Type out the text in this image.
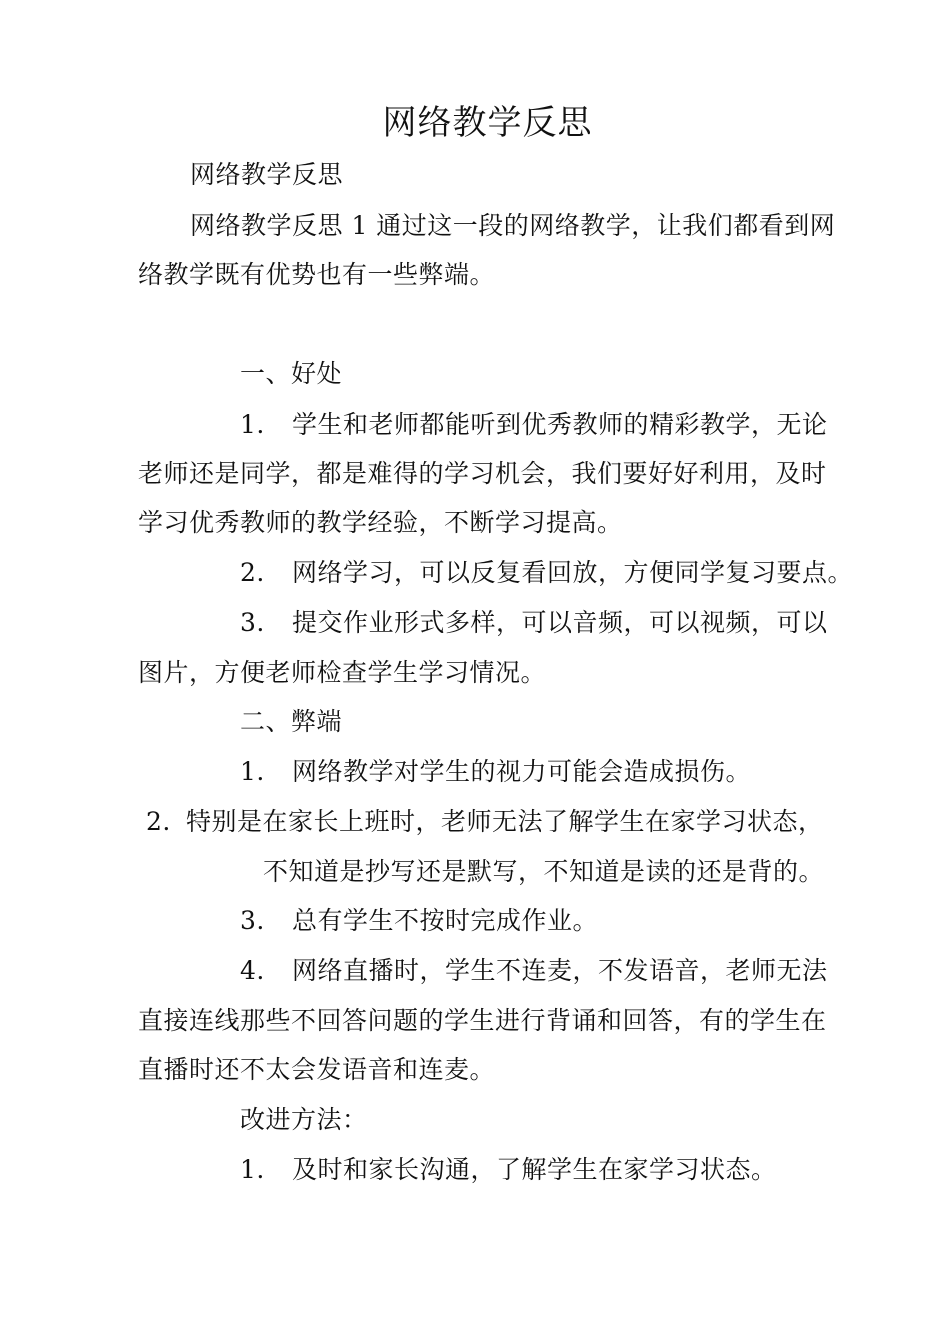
网络教学反思
网络教学反思
网络教学反思 1 通过这一段的网络教学，让我们都看到网
络教学既有优势也有一些弊端。
一、好处
1. 学生和老师都能听到优秀教师的精彩教学，无论
老师还是同学，都是难得的学习机会，我们要好好利用，及时
学习优秀教师的教学经验，不断学习提高。
2. 网络学习，可以反复看回放，方便同学复习要点。
3. 提交作业形式多样，可以音频，可以视频，可以
图片，方便老师检查学生学习情况。
二、弊端
1. 网络教学对学生的视力可能会造成损伤。
2. 特别是在家长上班时，老师无法了解学生在家学习状态，
不知道是抄写还是默写，不知道是读的还是背的。
3. 总有学生不按时完成作业。
4. 网络直播时，学生不连麦，不发语音，老师无法
直接连线那些不回答问题的学生进行背诵和回答，有的学生在
直播时还不太会发语音和连麦。
改进方法：
1. 及时和家长沟通，了解学生在家学习状态。
